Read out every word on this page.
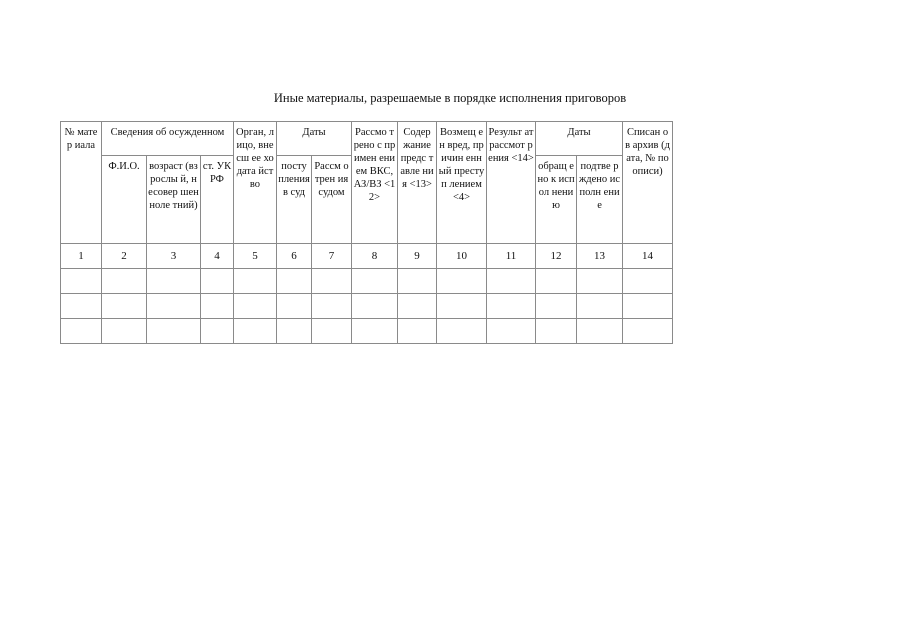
Иные материалы, разрешаемые в порядке исполнения приговоров
№ матер иала	Сведения об осужденном			Орган, лицо, внесш ее ходата йство	Даты		Рассмо трено с примен ением ВКС, АЗ/ВЗ <12>	Содер жание предс тавле ния <13>	Возмещ ен вред, причин енный преступ лением <4>	Результ ат рассмот рения <14>	Даты		Списан о в архив (дата, № по описи)
	Ф.И.О.	возраст (взрослы й, несовер шенноле тний)	ст. УК РФ		посту пления в суд	Рассм отрен ия судом					обращ ено к испол нению	подтве рждено исполн ение	
1	2	3	4	5	6	7	8	9	10	11	12	13	14
